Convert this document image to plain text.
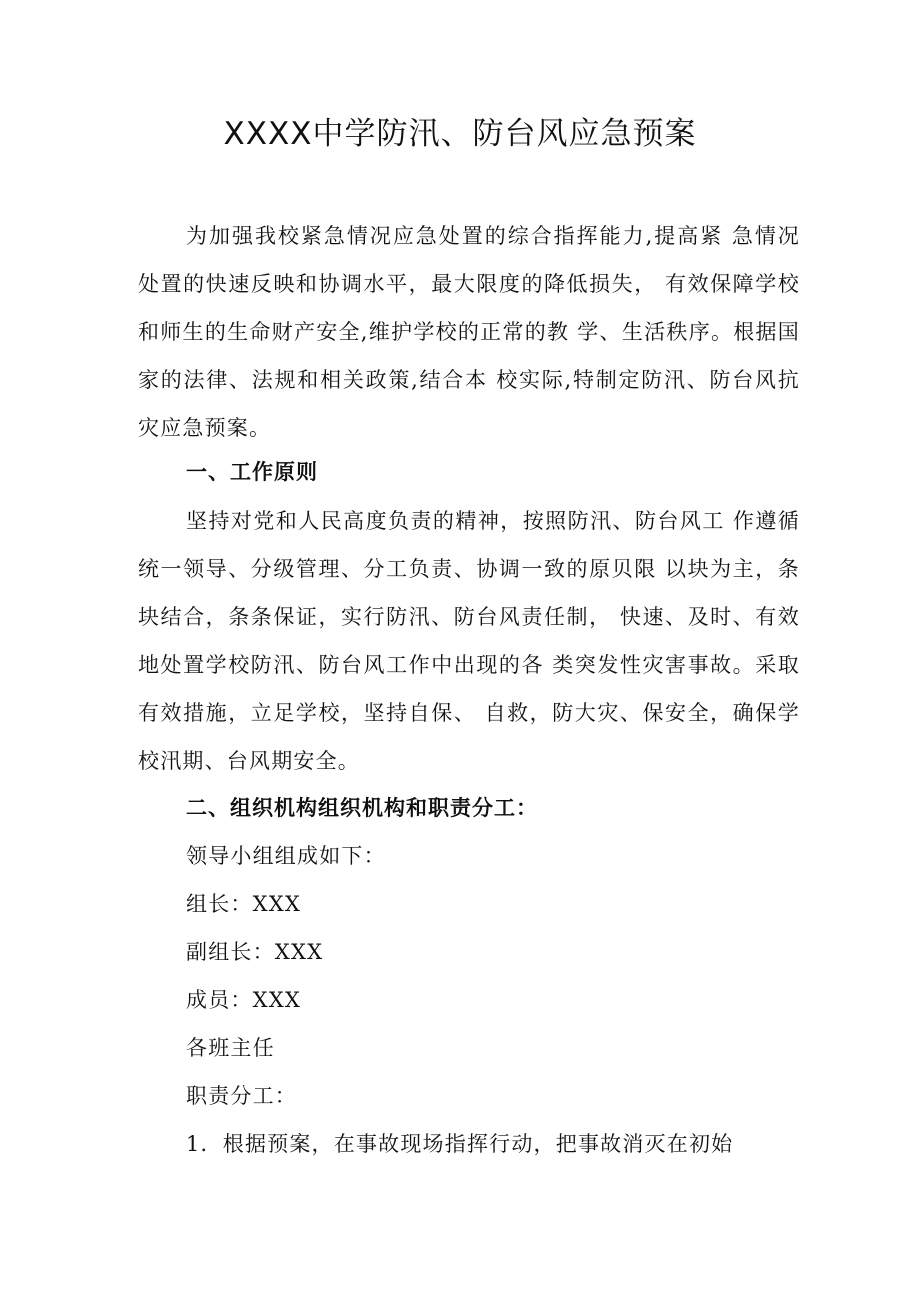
XXXX中学防汛、防台风应急预案

为加强我校紧急情况应急处置的综合指挥能力,提高紧 急情况处置的快速反映和协调水平，最大限度的降低损失， 有效保障学校和师生的生命财产安全,维护学校的正常的教 学、生活秩序。根据国家的法律、法规和相关政策,结合本 校实际,特制定防汛、防台风抗灾应急预案。

一、工作原则

坚持对党和人民高度负责的精神，按照防汛、防台风工 作遵循统一领导、分级管理、分工负责、协调一致的原贝限 以块为主，条块结合，条条保证，实行防汛、防台风责任制， 快速、及时、有效地处置学校防汛、防台风工作中出现的各 类突发性灾害事故。采取有效措施，立足学校，坚持自保、 自救，防大灾、保安全，确保学校汛期、台风期安全。

二、组织机构组织机构和职责分工：

领导小组组成如下：

组长：XXX

副组长：XXX

成员：XXX

各班主任

职责分工：

1．根据预案，在事故现场指挥行动，把事故消灭在初始
